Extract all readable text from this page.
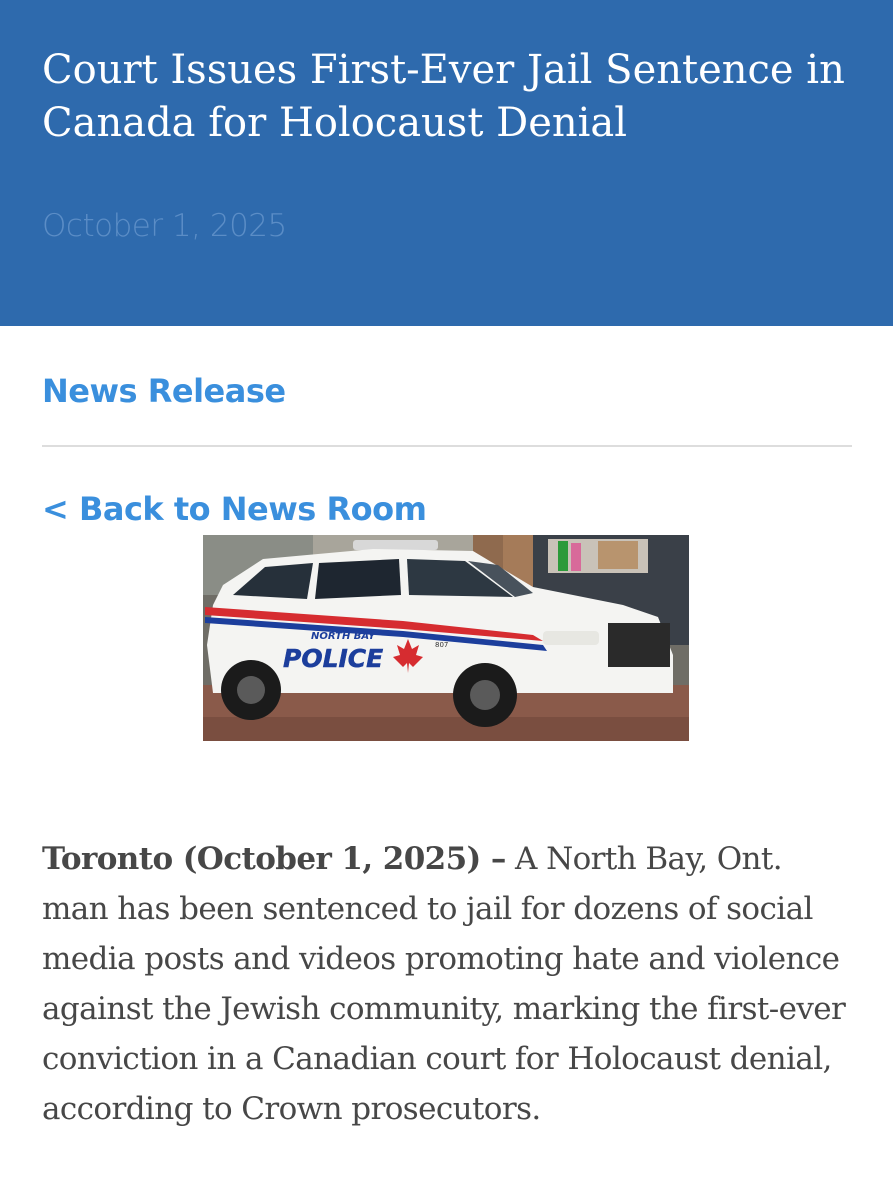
Court Issues First-Ever Jail Sentence in Canada for Holocaust Denial
October 1, 2025
News Release
< Back to News Room
NORTH BAY
POLICE	807

Toronto (October 1, 2025) – A North Bay, Ont. man has been sentenced to jail for dozens of social media posts and videos promoting hate and violence against the Jewish community, marking the first-ever conviction in a Canadian court for Holocaust denial, according to Crown prosecutors.
